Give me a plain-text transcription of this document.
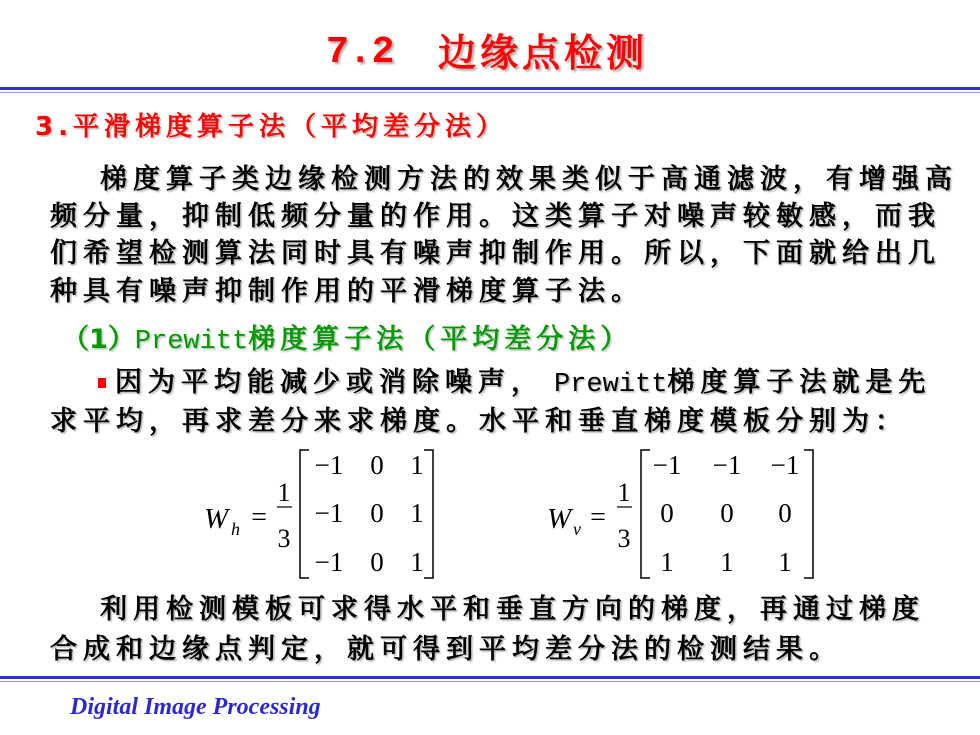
7.2 边缘点检测
3.平滑梯度算子法（平均差分法）
梯度算子类边缘检测方法的效果类似于高通滤波，有增强高
频分量，抑制低频分量的作用。这类算子对噪声较敏感，而我
们希望检测算法同时具有噪声抑制作用。所以，下面就给出几
种具有噪声抑制作用的平滑梯度算子法。
（1）Prewitt梯度算子法（平均差分法）
因为平均能减少或消除噪声， Prewitt梯度算子法就是先
求平均，再求差分来求梯度。水平和垂直梯度模板分别为：
W h =
1
3
−1 0 1
−1 0 1
−1 0 1
W v =
1
3
−1 −1 −1
0 0 0
1 1 1
利用检测模板可求得水平和垂直方向的梯度，再通过梯度
合成和边缘点判定，就可得到平均差分法的检测结果。
Digital Image Processing
